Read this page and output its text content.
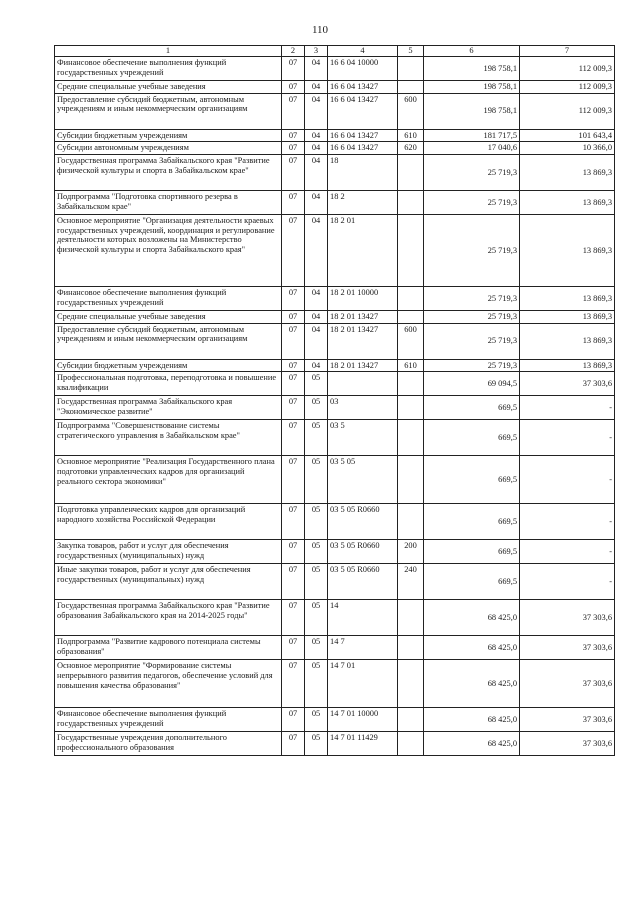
110
1	2	3	4	5	6	7
Финансовое обеспечение выполнения функций государственных учреждений	07	04	16 6 04 10000		198 758,1	112 009,3
Средние специальные учебные заведения	07	04	16 6 04 13427		198 758,1	112 009,3
Предоставление субсидий бюджетным, автономным учреждениям и иным некоммерческим организациям	07	04	16 6 04 13427	600	198 758,1	112 009,3
Субсидии бюджетным учреждениям	07	04	16 6 04 13427	610	181 717,5	101 643,4
Субсидии автономным учреждениям	07	04	16 6 04 13427	620	17 040,6	10 366,0
Государственная программа Забайкальского края "Развитие физической культуры и спорта в Забайкальском крае"	07	04	18		25 719,3	13 869,3
Подпрограмма "Подготовка спортивного резерва в Забайкальском крае"	07	04	18 2		25 719,3	13 869,3
Основное мероприятие "Организация деятельности краевых государственных учреждений, координация и регулирование деятельности которых возложены на Министерство физической культуры и спорта Забайкальского края"	07	04	18 2 01		25 719,3	13 869,3
Финансовое обеспечение выполнения функций государственных учреждений	07	04	18 2 01 10000		25 719,3	13 869,3
Средние специальные учебные заведения	07	04	18 2 01 13427		25 719,3	13 869,3
Предоставление субсидий бюджетным, автономным учреждениям и иным некоммерческим организациям	07	04	18 2 01 13427	600	25 719,3	13 869,3
Субсидии бюджетным учреждениям	07	04	18 2 01 13427	610	25 719,3	13 869,3
Профессиональная подготовка, переподготовка и повышение квалификации	07	05			69 094,5	37 303,6
Государственная программа Забайкальского края "Экономическое развитие"	07	05	03		669,5	-
Подпрограмма "Совершенствование системы стратегического управления в Забайкальском крае"	07	05	03 5		669,5	-
Основное мероприятие "Реализация Государственного плана подготовки управленческих кадров для организаций реального сектора экономики"	07	05	03 5 05		669,5	-
Подготовка управленческих кадров для организаций народного хозяйства Российской Федерации	07	05	03 5 05 R0660		669,5	-
Закупка товаров, работ и услуг для обеспечения государственных (муниципальных) нужд	07	05	03 5 05 R0660	200	669,5	-
Иные закупки товаров, работ и услуг для обеспечения государственных (муниципальных) нужд	07	05	03 5 05 R0660	240	669,5	-
Государственная программа Забайкальского края "Развитие образования Забайкальского края на 2014-2025 годы"	07	05	14		68 425,0	37 303,6
Подпрограмма "Развитие кадрового потенциала системы образования"	07	05	14 7		68 425,0	37 303,6
Основное мероприятие "Формирование системы непрерывного развития педагогов, обеспечение условий для повышения качества образования"	07	05	14 7 01		68 425,0	37 303,6
Финансовое обеспечение выполнения функций государственных учреждений	07	05	14 7 01 10000		68 425,0	37 303,6
Государственные учреждения дополнительного профессионального образования	07	05	14 7 01 11429		68 425,0	37 303,6
